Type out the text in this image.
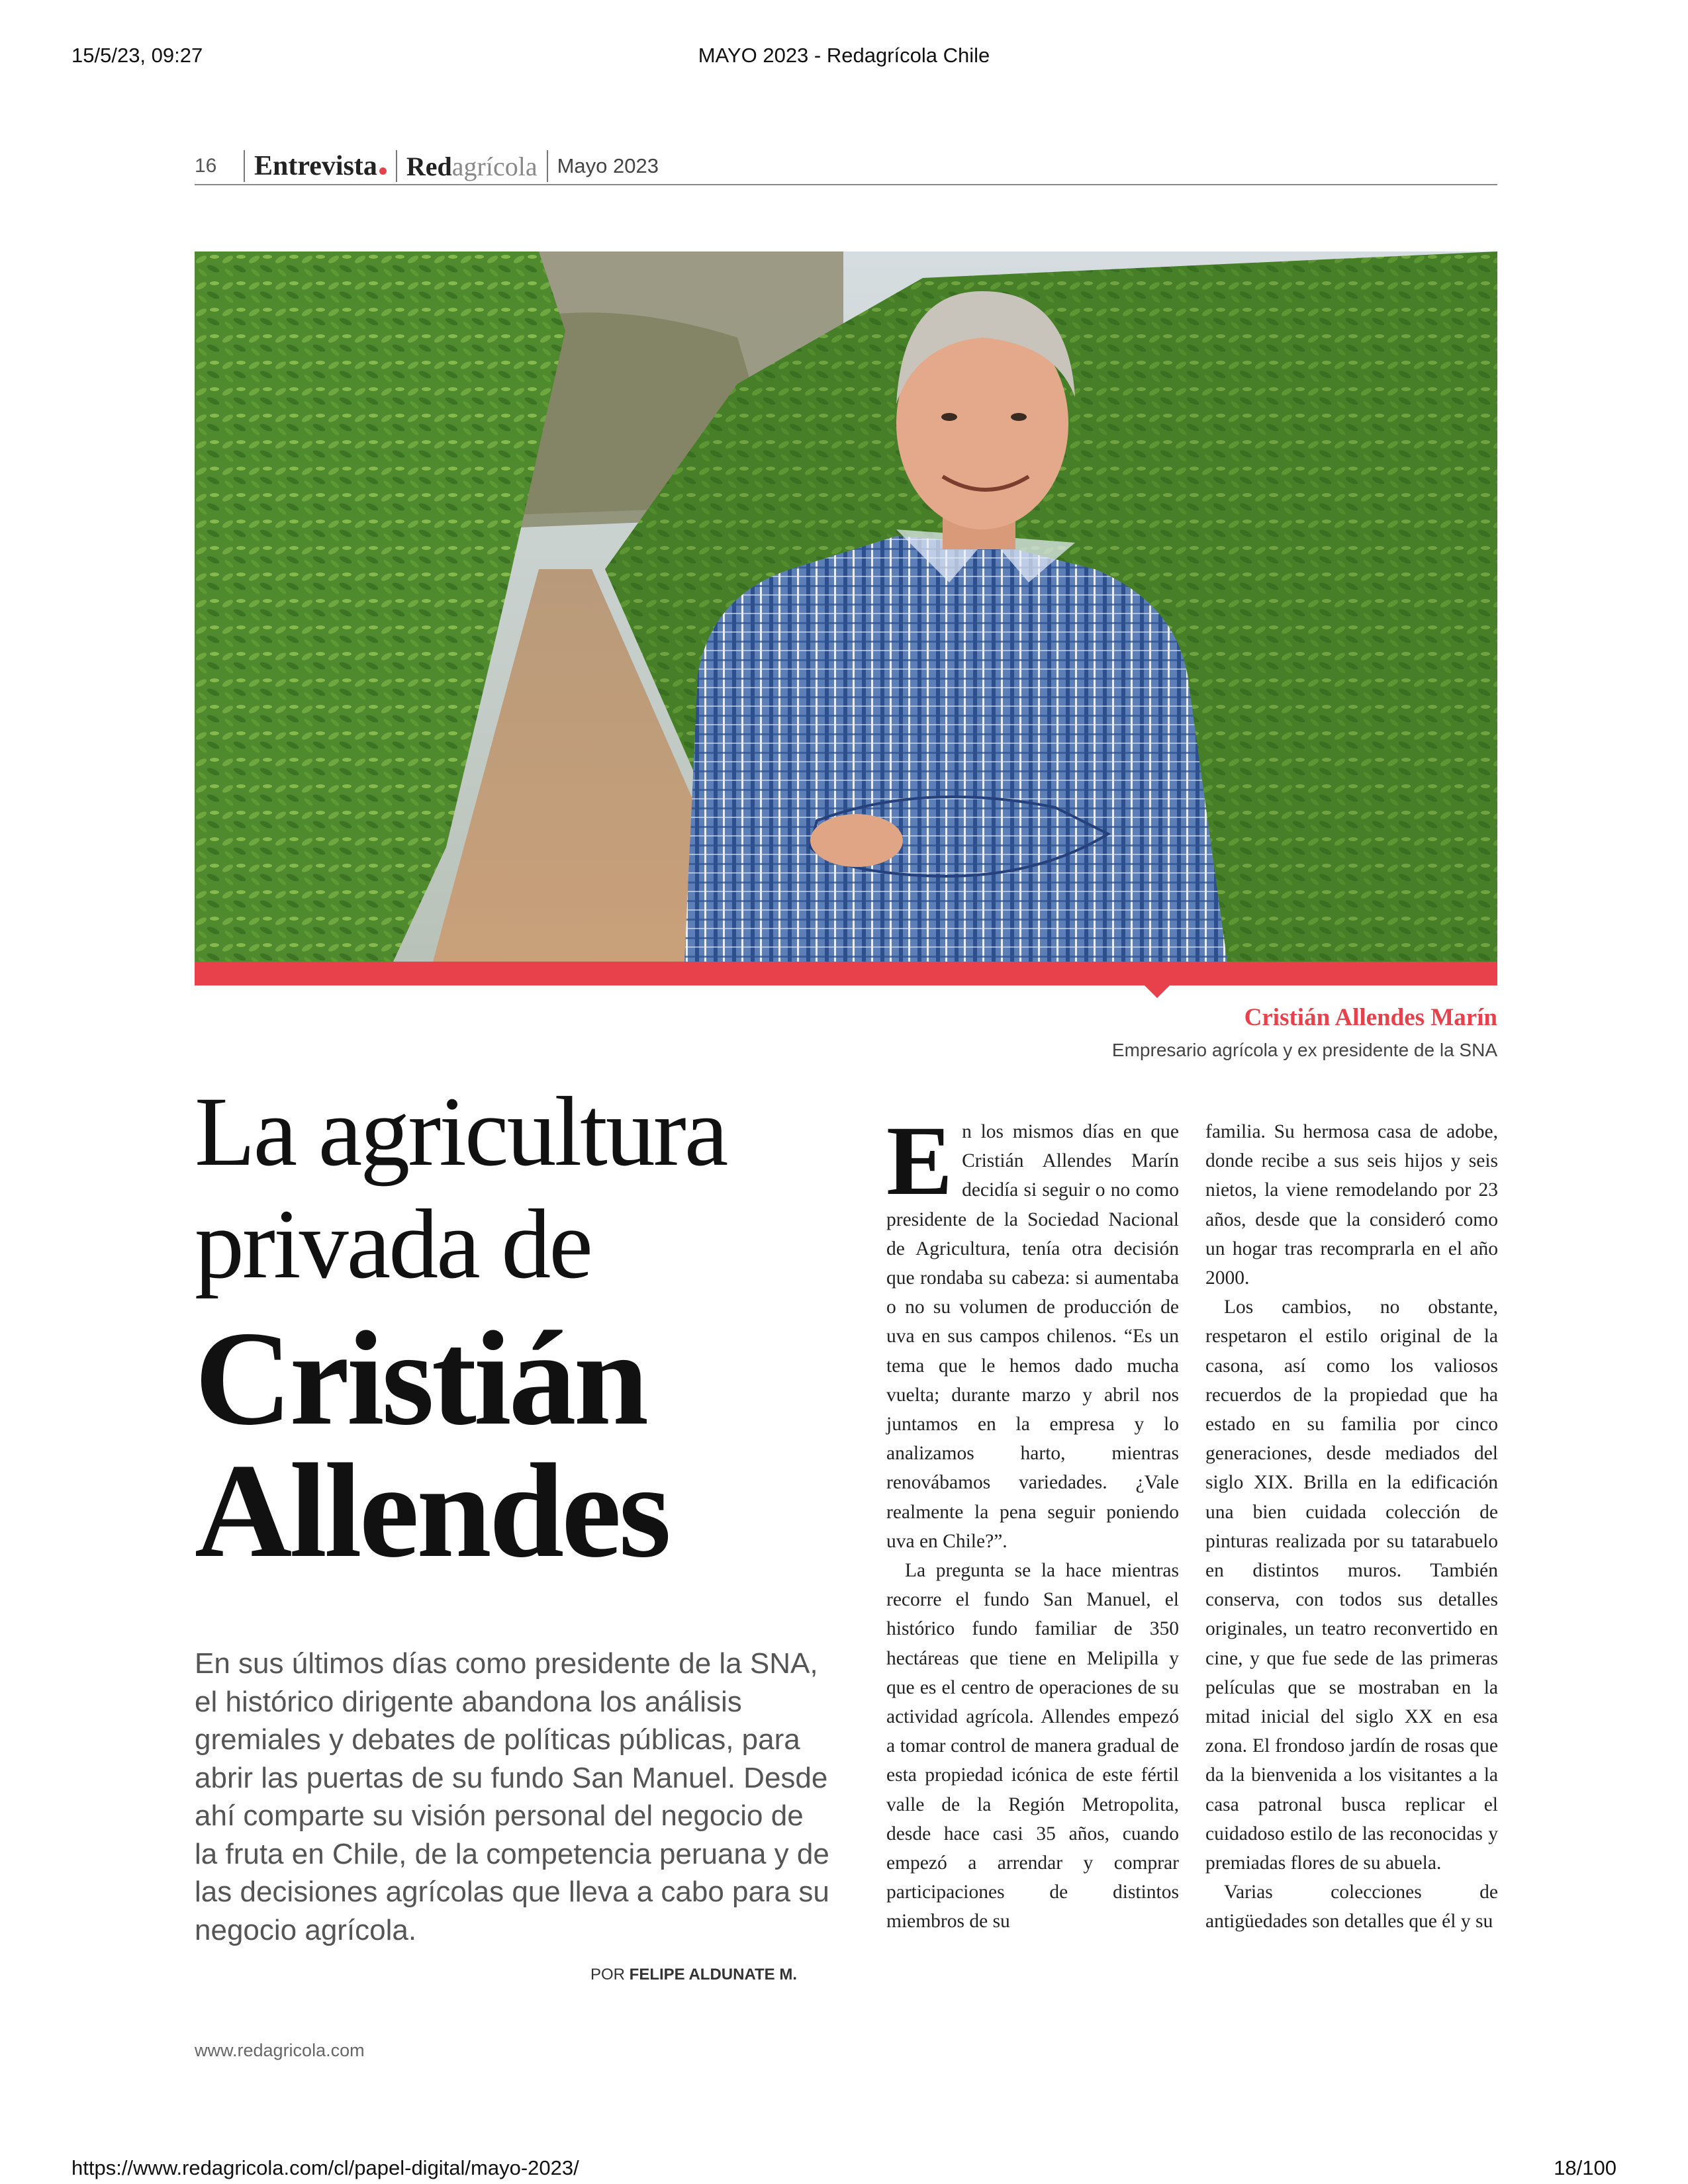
15/5/23, 09:27	MAYO 2023 - Redagrícola Chile
16	Entrevista	Redagrícola Mayo 2023
Cristián Allendes Marín
Empresario agrícola y ex presidente de la SNA
La agricultura
privada de
Cristián
Allendes
En sus últimos días como presidente de la SNA, el histórico dirigente abandona los análisis gremiales y debates de políticas públicas, para abrir las puertas de su fundo San Manuel. Desde ahí comparte su visión personal del negocio de la fruta en Chile, de la competencia peruana y de las decisiones agrícolas que lleva a cabo para su negocio agrícola.
POR FELIPE ALDUNATE M.

En los mismos días en que Cristián Allendes Marín decidía si seguir o no como presidente de la Sociedad Nacional de Agricultura, tenía otra decisión que rondaba su cabeza: si aumentaba o no su volumen de producción de uva en sus campos chilenos. “Es un tema que le hemos dado mucha vuelta; durante marzo y abril nos juntamos en la empresa y lo analizamos harto, mientras renovábamos variedades. ¿Vale realmente la pena seguir poniendo uva en Chile?”.

La pregunta se la hace mientras recorre el fundo San Manuel, el histórico fundo familiar de 350 hectáreas que tiene en Melipilla y que es el centro de operaciones de su actividad agrícola. Allendes empezó a tomar control de manera gradual de esta propiedad icónica de este fértil valle de la Región Metropolita, desde hace casi 35 años, cuando empezó a arrendar y comprar participaciones de distintos miembros de su

familia. Su hermosa casa de adobe, donde recibe a sus seis hijos y seis nietos, la viene remodelando por 23 años, desde que la consideró como un hogar tras recomprarla en el año 2000.

Los cambios, no obstante, respetaron el estilo original de la casona, así como los valiosos recuerdos de la propiedad que ha estado en su familia por cinco generaciones, desde mediados del siglo XIX. Brilla en la edificación una bien cuidada colección de pinturas realizada por su tatarabuelo en distintos muros. También conserva, con todos sus detalles originales, un teatro reconvertido en cine, y que fue sede de las primeras películas que se mostraban en la mitad inicial del siglo XX en esa zona. El frondoso jardín de rosas que da la bienvenida a los visitantes a la casa patronal busca replicar el cuidadoso estilo de las reconocidas y premiadas flores de su abuela.

Varias colecciones de antigüedades son detalles que él y su

www.redagricola.com
https://www.redagricola.com/cl/papel-digital/mayo-2023/	18/100
